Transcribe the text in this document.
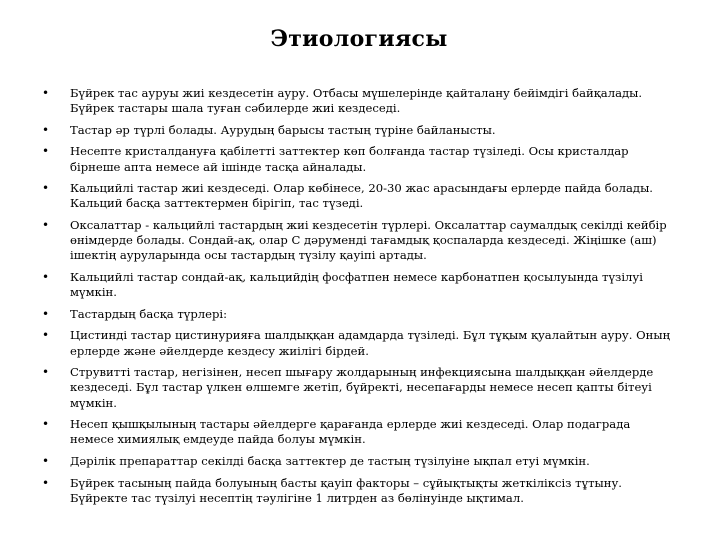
Этиологиясы
•	Бүйрек тас ауруы жиі кездесетін ауру. Отбасы мүшелерінде қайталану бейімдігі байқалады. Бүйрек тастары шала туған сәбилерде жиі кездеседі.
•	Тастар әр түрлі болады. Аурудың барысы тастың түріне байланысты.
•	Несепте кристалдануға қабілетті заттектер көп болғанда тастар түзіледі. Осы кристалдар бірнеше апта немесе ай ішінде тасқа айналады.
•	Кальцийлі тастар жиі кездеседі. Олар көбінесе, 20-30 жас арасындағы ерлерде пайда болады. Кальций басқа заттектермен бірігіп, тас түзеді.
•	Оксалаттар - кальцийлі тастардың жиі кездесетін түрлері. Оксалаттар саумалдық секілді кейбір өнімдерде болады. Сондай-ақ, олар С дәруменді тағамдық қоспаларда кездеседі. Жіңішке (аш) ішектің ауруларында осы тастардың түзілу қауіпі артады.
•	Кальцийлі тастар сондай-ақ, кальцийдің фосфатпен немесе карбонатпен қосылуында түзілуі мүмкін.
•	Тастардың басқа түрлері:
•	Цистинді тастар цистинурияға шалдыққан адамдарда түзіледі. Бұл тұқым қуалайтын ауру. Оның ерлерде және әйелдерде кездесу жиілігі бірдей.
•	Струвитті тастар, негізінен, несеп шығару жолдарының инфекциясына шалдыққан әйелдерде кездеседі. Бұл тастар үлкен өлшемге жетіп, бүйректі, несепағарды немесе несеп қапты бітеуі мүмкін.
•	Несеп қышқылының тастары әйелдерге қарағанда ерлерде жиі кездеседі. Олар подаграда немесе химиялық емдеуде пайда болуы мүмкін.
•	Дәрілік препараттар секілді басқа заттектер де тастың түзілуіне ықпал етуі мүмкін.
•	Бүйрек тасының пайда болуының басты қауіп факторы – сұйықтықты жеткіліксіз тұтыну. Бүйректе тас түзілуі несептің тәулігіне 1 литрден аз бөлінуінде ықтимал.
